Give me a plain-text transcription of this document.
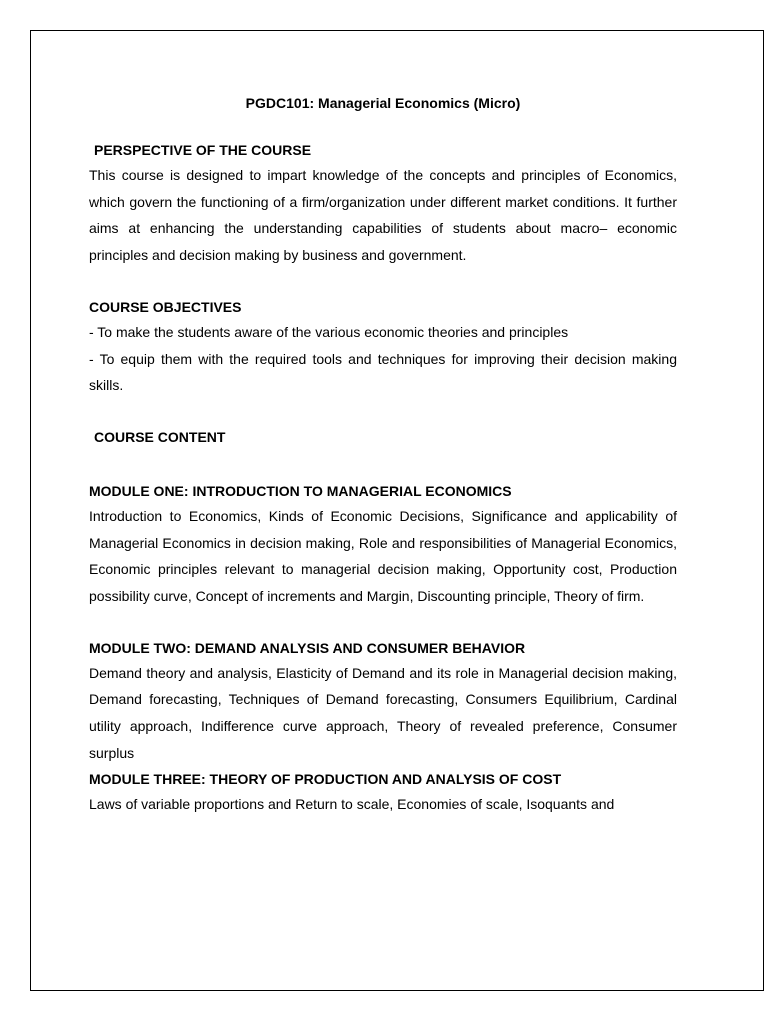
PGDC101: Managerial Economics (Micro)

PERSPECTIVE OF THE COURSE

This course is designed to impart knowledge of the concepts and principles of Economics, which govern the functioning of a firm/organization under different market conditions. It further aims at enhancing the understanding capabilities of students about macro– economic principles and decision making by business and government.

COURSE OBJECTIVES

- To make the students aware of the various economic theories and principles

- To equip them with the required tools and techniques for improving their decision making skills.

COURSE CONTENT

MODULE ONE: INTRODUCTION TO MANAGERIAL ECONOMICS

Introduction to Economics, Kinds of Economic Decisions, Significance and applicability of Managerial Economics in decision making, Role and responsibilities of Managerial Economics, Economic principles relevant to managerial decision making, Opportunity cost, Production possibility curve, Concept of increments and Margin, Discounting principle, Theory of firm.

MODULE TWO: DEMAND ANALYSIS AND CONSUMER BEHAVIOR

Demand theory and analysis, Elasticity of Demand and its role in Managerial decision making, Demand forecasting, Techniques of Demand forecasting, Consumers Equilibrium, Cardinal utility approach, Indifference curve approach, Theory of revealed preference, Consumer surplus

MODULE THREE: THEORY OF PRODUCTION AND ANALYSIS OF COST

Laws of variable proportions and Return to scale, Economies of scale, Isoquants and
